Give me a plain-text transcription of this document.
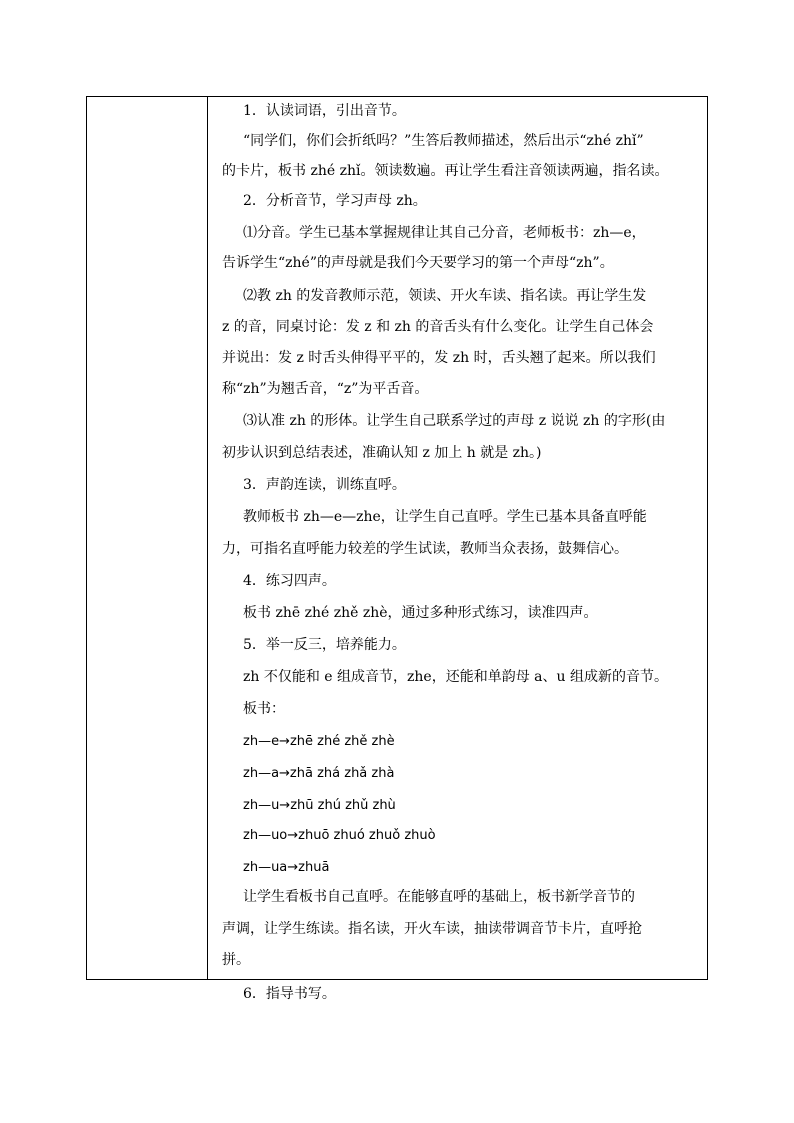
1．认读词语，引出音节。
“同学们，你们会折纸吗？”生答后教师描述，然后出示“zhé zhǐ”
的卡片，板书 zhé zhǐ。领读数遍。再让学生看注音领读两遍，指名读。
2．分析音节，学习声母 zh。
⑴分音。学生已基本掌握规律让其自己分音，老师板书：zh—e，
告诉学生“zhé”的声母就是我们今天要学习的第一个声母“zh”。
⑵教 zh 的发音教师示范，领读、开火车读、指名读。再让学生发
z 的音，同桌讨论：发 z 和 zh 的音舌头有什么变化。让学生自己体会
并说出：发 z 时舌头伸得平平的，发 zh 时，舌头翘了起来。所以我们
称“zh”为翘舌音，“z”为平舌音。
⑶认准 zh 的形体。让学生自己联系学过的声母 z 说说 zh 的字形(由
初步认识到总结表述，准确认知 z 加上 h 就是 zh。)
3．声韵连读，训练直呼。
教师板书 zh—e—zhe，让学生自己直呼。学生已基本具备直呼能
力，可指名直呼能力较差的学生试读，教师当众表扬，鼓舞信心。
4．练习四声。
板书 zhē zhé zhě zhè，通过多种形式练习，读准四声。
5．举一反三，培养能力。
zh 不仅能和 e 组成音节，zhe，还能和单韵母 a、u 组成新的音节。
板书：
zh—e→zhē zhé zhě zhè
zh—a→zhā zhá zhǎ zhà
zh—u→zhū zhú zhǔ zhù
zh—uo→zhuō zhuó zhuǒ zhuò
zh—ua→zhuā
让学生看板书自己直呼。在能够直呼的基础上，板书新学音节的
声调，让学生练读。指名读，开火车读，抽读带调音节卡片，直呼抢
拼。
6．指导书写。
